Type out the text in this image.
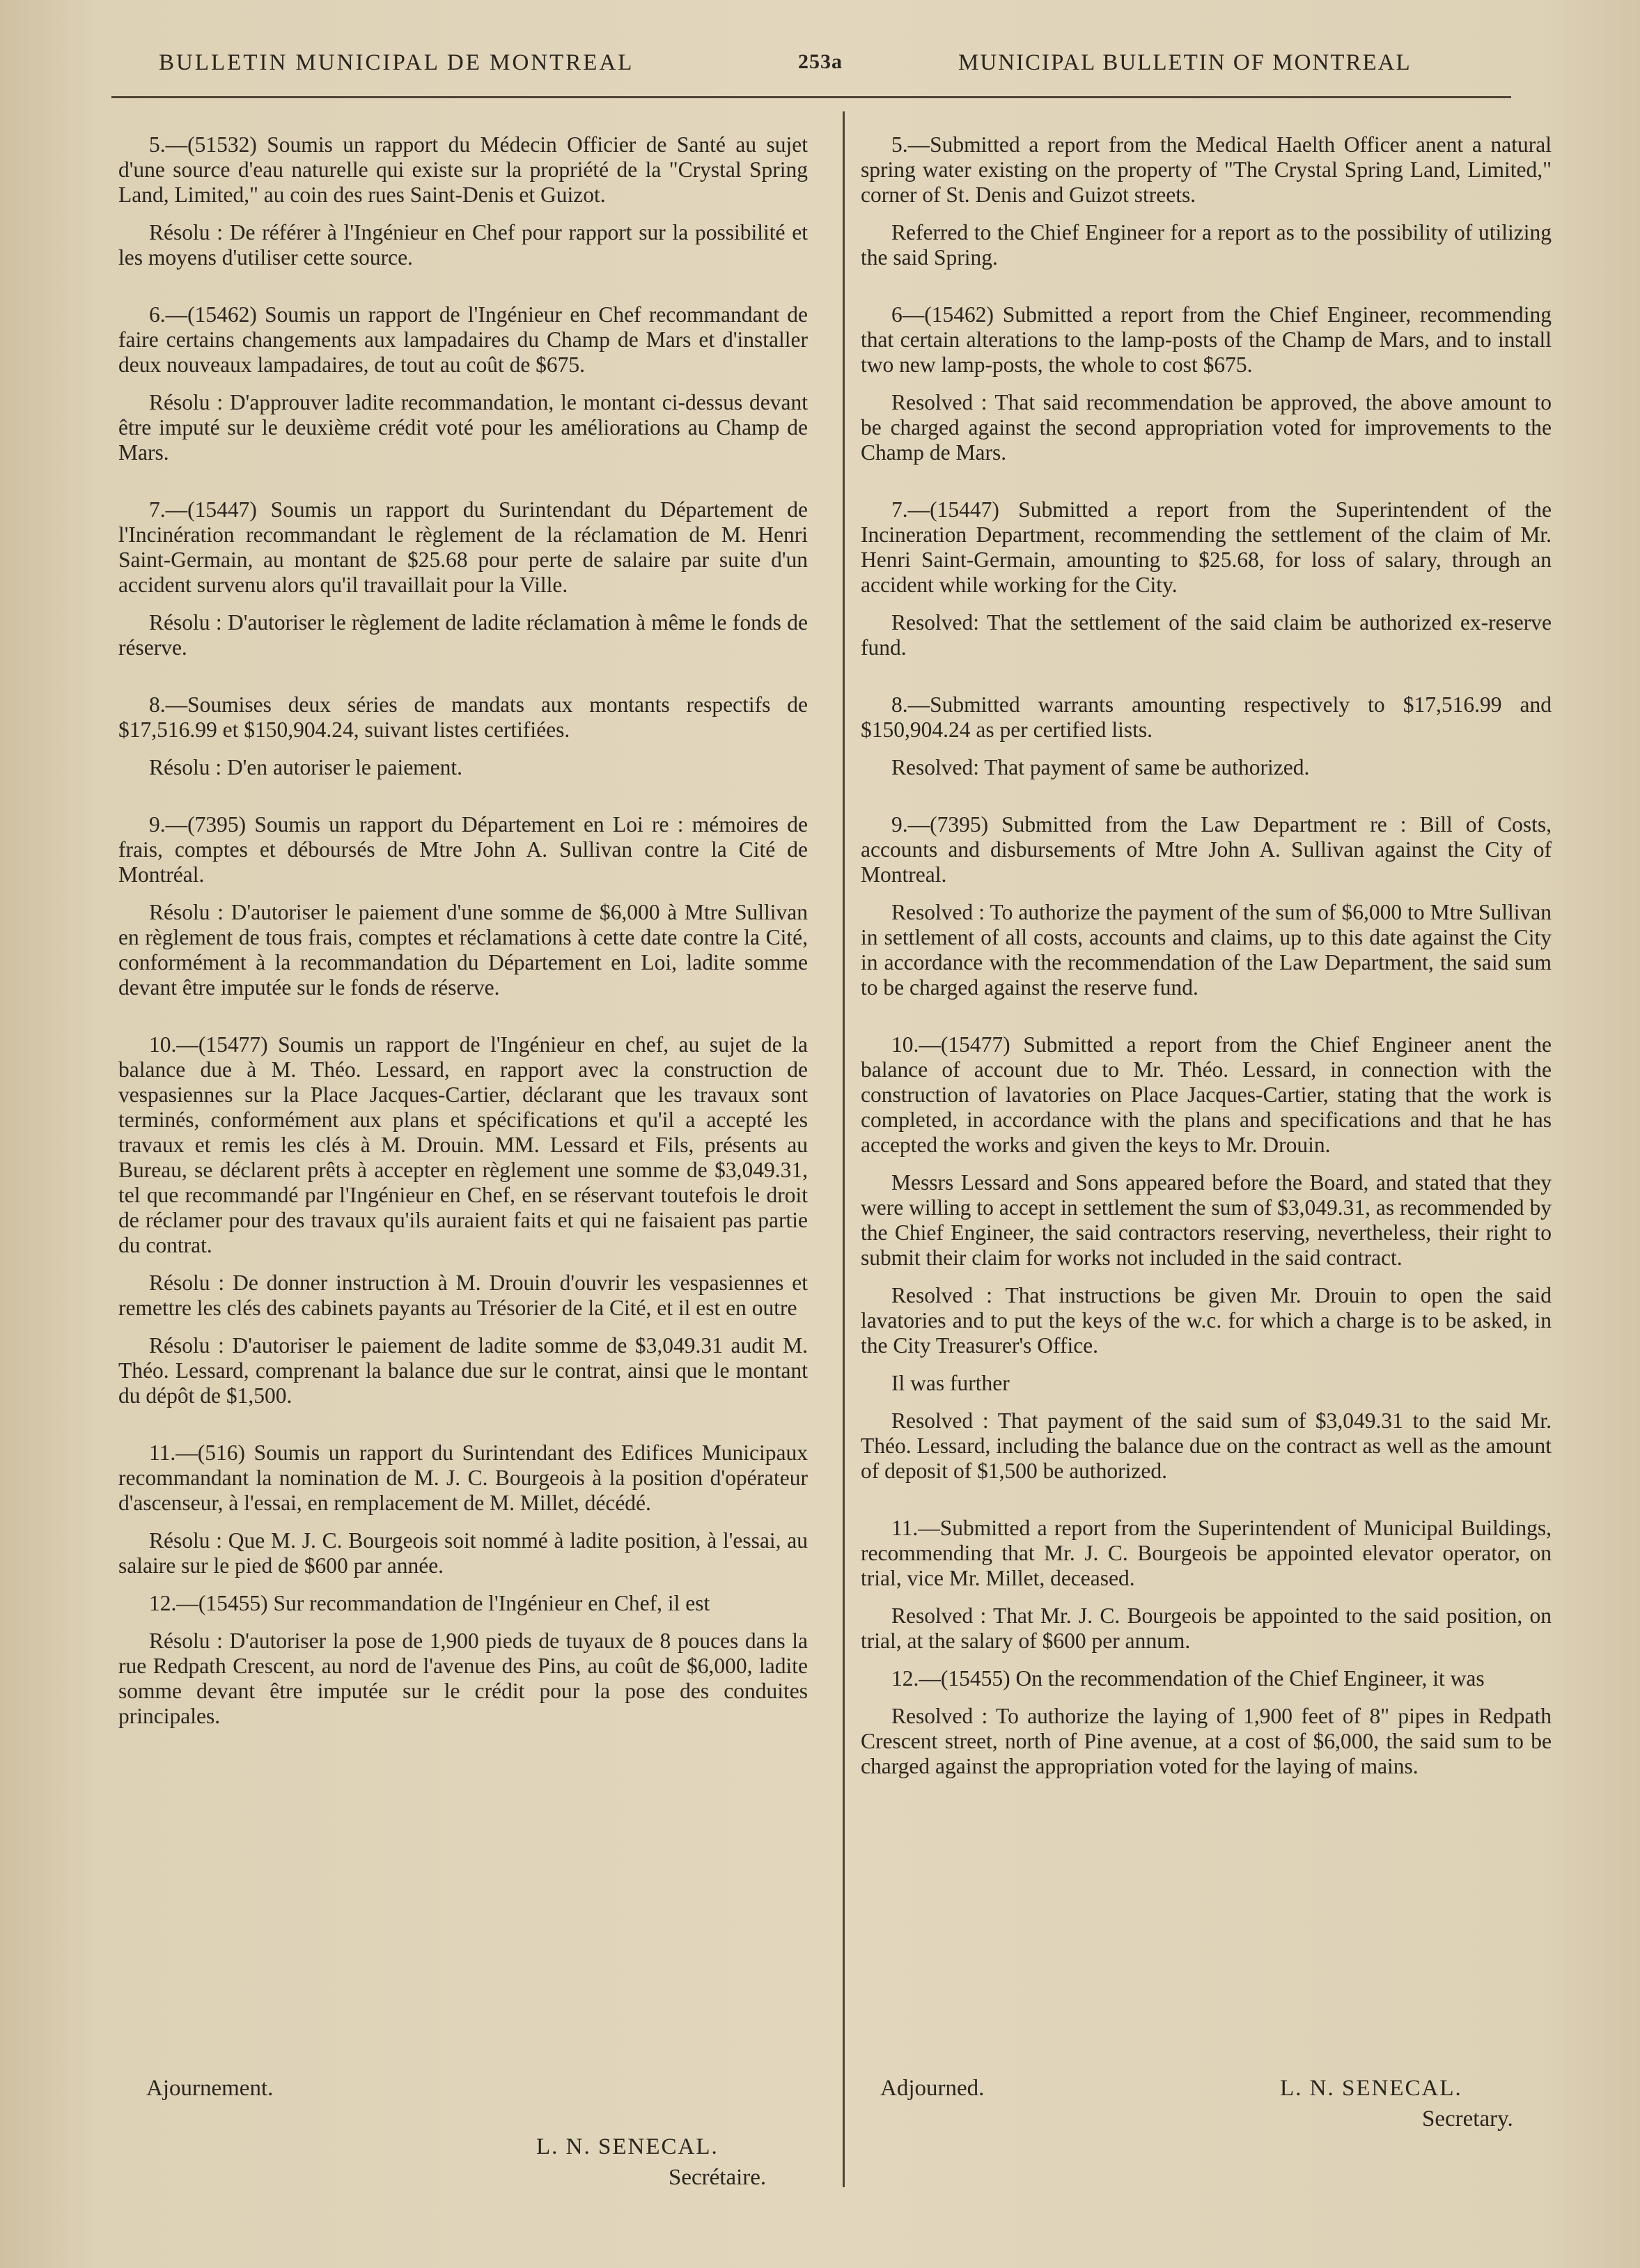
BULLETIN MUNICIPAL DE MONTREAL	253a	MUNICIPAL BULLETIN OF MONTREAL

5.—(51532) Soumis un rapport du Médecin Officier de Santé au sujet d'une source d'eau naturelle qui existe sur la propriété de la "Crystal Spring Land, Limited," au coin des rues Saint-Denis et Guizot.

Résolu : De référer à l'Ingénieur en Chef pour rapport sur la possibilité et les moyens d'utiliser cette source.

6.—(15462) Soumis un rapport de l'Ingénieur en Chef recommandant de faire certains changements aux lampadaires du Champ de Mars et d'installer deux nouveaux lampadaires, de tout au coût de $675.

Résolu : D'approuver ladite recommandation, le montant ci-dessus devant être imputé sur le deuxième crédit voté pour les améliorations au Champ de Mars.

7.—(15447) Soumis un rapport du Surintendant du Département de l'Incinération recommandant le règlement de la réclamation de M. Henri Saint-Germain, au montant de $25.68 pour perte de salaire par suite d'un accident survenu alors qu'il travaillait pour la Ville.

Résolu : D'autoriser le règlement de ladite réclamation à même le fonds de réserve.

8.—Soumises deux séries de mandats aux montants respectifs de $17,516.99 et $150,904.24, suivant listes certifiées.

Résolu : D'en autoriser le paiement.

9.—(7395) Soumis un rapport du Département en Loi re : mémoires de frais, comptes et déboursés de Mtre John A. Sullivan contre la Cité de Montréal.

Résolu : D'autoriser le paiement d'une somme de $6,000 à Mtre Sullivan en règlement de tous frais, comptes et réclamations à cette date contre la Cité, conformément à la recommandation du Département en Loi, ladite somme devant être imputée sur le fonds de réserve.

10.—(15477) Soumis un rapport de l'Ingénieur en chef, au sujet de la balance due à M. Théo. Lessard, en rapport avec la construction de vespasiennes sur la Place Jacques-Cartier, déclarant que les travaux sont terminés, conformément aux plans et spécifications et qu'il a accepté les travaux et remis les clés à M. Drouin. MM. Lessard et Fils, présents au Bureau, se déclarent prêts à accepter en règlement une somme de $3,049.31, tel que recommandé par l'Ingénieur en Chef, en se réservant toutefois le droit de réclamer pour des travaux qu'ils auraient faits et qui ne faisaient pas partie du contrat.

Résolu : De donner instruction à M. Drouin d'ouvrir les vespasiennes et remettre les clés des cabinets payants au Trésorier de la Cité, et il est en outre

Résolu : D'autoriser le paiement de ladite somme de $3,049.31 audit M. Théo. Lessard, comprenant la balance due sur le contrat, ainsi que le montant du dépôt de $1,500.

11.—(516) Soumis un rapport du Surintendant des Edifices Municipaux recommandant la nomination de M. J. C. Bourgeois à la position d'opérateur d'ascenseur, à l'essai, en remplacement de M. Millet, décédé.

Résolu : Que M. J. C. Bourgeois soit nommé à ladite position, à l'essai, au salaire sur le pied de $600 par année.

12.—(15455) Sur recommandation de l'Ingénieur en Chef, il est

Résolu : D'autoriser la pose de 1,900 pieds de tuyaux de 8 pouces dans la rue Redpath Crescent, au nord de l'avenue des Pins, au coût de $6,000, ladite somme devant être imputée sur le crédit pour la pose des conduites principales.

5.—Submitted a report from the Medical Haelth Officer anent a natural spring water existing on the property of "The Crystal Spring Land, Limited," corner of St. Denis and Guizot streets.

Referred to the Chief Engineer for a report as to the possibility of utilizing the said Spring.

6—(15462) Submitted a report from the Chief Engineer, recommending that certain alterations to the lamp-posts of the Champ de Mars, and to install two new lamp-posts, the whole to cost $675.

Resolved : That said recommendation be approved, the above amount to be charged against the second appropriation voted for improvements to the Champ de Mars.

7.—(15447) Submitted a report from the Superintendent of the Incineration Department, recommending the settlement of the claim of Mr. Henri Saint-Germain, amounting to $25.68, for loss of salary, through an accident while working for the City.

Resolved: That the settlement of the said claim be authorized ex-reserve fund.

8.—Submitted warrants amounting respectively to $17,516.99 and $150,904.24 as per certified lists.

Resolved: That payment of same be authorized.

9.—(7395) Submitted from the Law Department re : Bill of Costs, accounts and disbursements of Mtre John A. Sullivan against the City of Montreal.

Resolved : To authorize the payment of the sum of $6,000 to Mtre Sullivan in settlement of all costs, accounts and claims, up to this date against the City in accordance with the recommendation of the Law Department, the said sum to be charged against the reserve fund.

10.—(15477) Submitted a report from the Chief Engineer anent the balance of account due to Mr. Théo. Lessard, in connection with the construction of lavatories on Place Jacques-Cartier, stating that the work is completed, in accordance with the plans and specifications and that he has accepted the works and given the keys to Mr. Drouin.

Messrs Lessard and Sons appeared before the Board, and stated that they were willing to accept in settlement the sum of $3,049.31, as recommended by the Chief Engineer, the said contractors reserving, nevertheless, their right to submit their claim for works not included in the said contract.

Resolved : That instructions be given Mr. Drouin to open the said lavatories and to put the keys of the w.c. for which a charge is to be asked, in the City Treasurer's Office.

Il was further

Resolved : That payment of the said sum of $3,049.31 to the said Mr. Théo. Lessard, including the balance due on the contract as well as the amount of deposit of $1,500 be authorized.

11.—Submitted a report from the Superintendent of Municipal Buildings, recommending that Mr. J. C. Bourgeois be appointed elevator operator, on trial, vice Mr. Millet, deceased.

Resolved : That Mr. J. C. Bourgeois be appointed to the said position, on trial, at the salary of $600 per annum.

12.—(15455) On the recommendation of the Chief Engineer, it was

Resolved : To authorize the laying of 1,900 feet of 8" pipes in Redpath Crescent street, north of Pine avenue, at a cost of $6,000, the said sum to be charged against the appropriation voted for the laying of mains.

Ajournement.
L. N. SENECAL.
Secrétaire.
Adjourned.	L. N. SENECAL.
Secretary.
